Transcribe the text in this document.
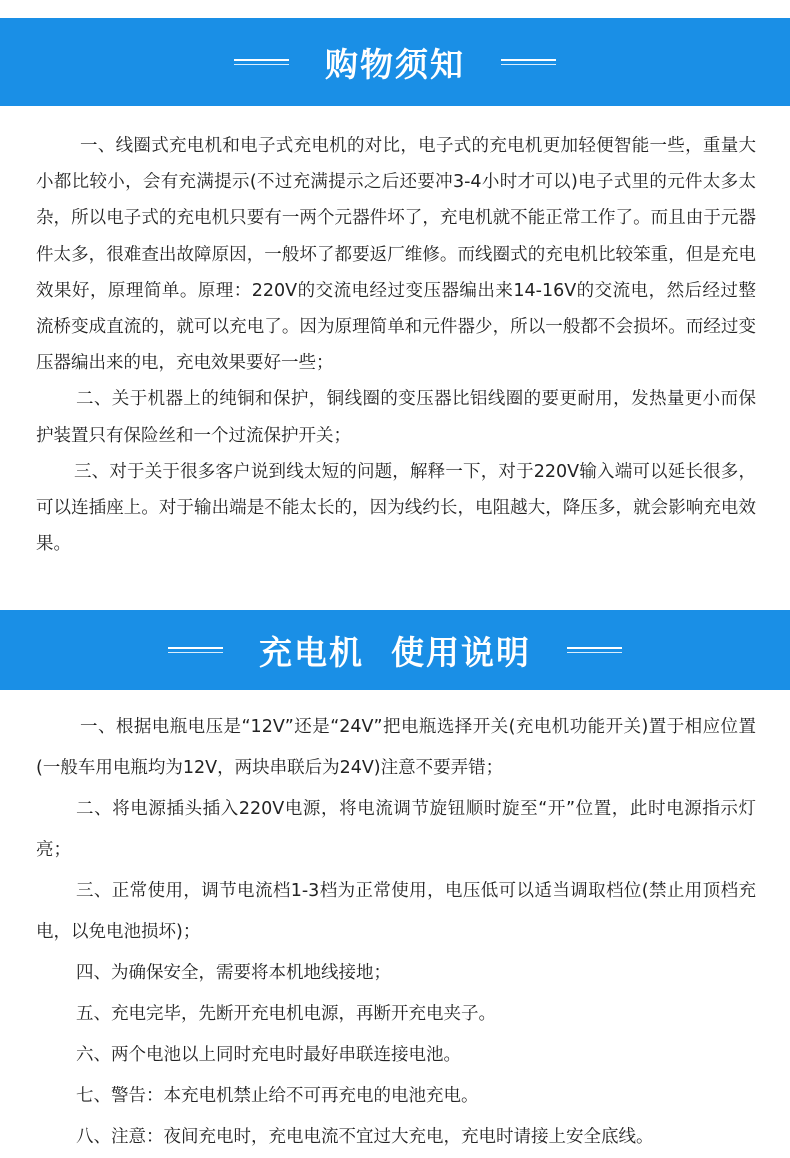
购物须知

一、线圈式充电机和电子式充电机的对比，电子式的充电机更加轻便智能一些，重量大小都比较小，会有充满提示(不过充满提示之后还要冲3-4小时才可以)电子式里的元件太多太杂，所以电子式的充电机只要有一两个元器件坏了，充电机就不能正常工作了。而且由于元器件太多，很难查出故障原因，一般坏了都要返厂维修。而线圈式的充电机比较笨重，但是充电效果好，原理简单。原理：220V的交流电经过变压器编出来14-16V的交流电，然后经过整流桥变成直流的，就可以充电了。因为原理简单和元件器少，所以一般都不会损坏。而经过变压器编出来的电，充电效果要好一些；

二、关于机器上的纯铜和保护，铜线圈的变压器比铝线圈的要更耐用，发热量更小而保护装置只有保险丝和一个过流保护开关；

三、对于关于很多客户说到线太短的问题，解释一下，对于220V输入端可以延长很多，可以连插座上。对于输出端是不能太长的，因为线约长，电阻越大，降压多，就会影响充电效果。

充电机  使用说明

一、根据电瓶电压是“12V”还是“24V”把电瓶选择开关(充电机功能开关)置于相应位置(一般车用电瓶均为12V，两块串联后为24V)注意不要弄错；

二、将电源插头插入220V电源，将电流调节旋钮顺时旋至“开”位置，此时电源指示灯亮；

三、正常使用，调节电流档1-3档为正常使用，电压低可以适当调取档位(禁止用顶档充电，以免电池损坏)；

四、为确保安全，需要将本机地线接地；

五、充电完毕，先断开充电机电源，再断开充电夹子。

六、两个电池以上同时充电时最好串联连接电池。

七、警告：本充电机禁止给不可再充电的电池充电。

八、注意：夜间充电时，充电电流不宜过大充电，充电时请接上安全底线。
